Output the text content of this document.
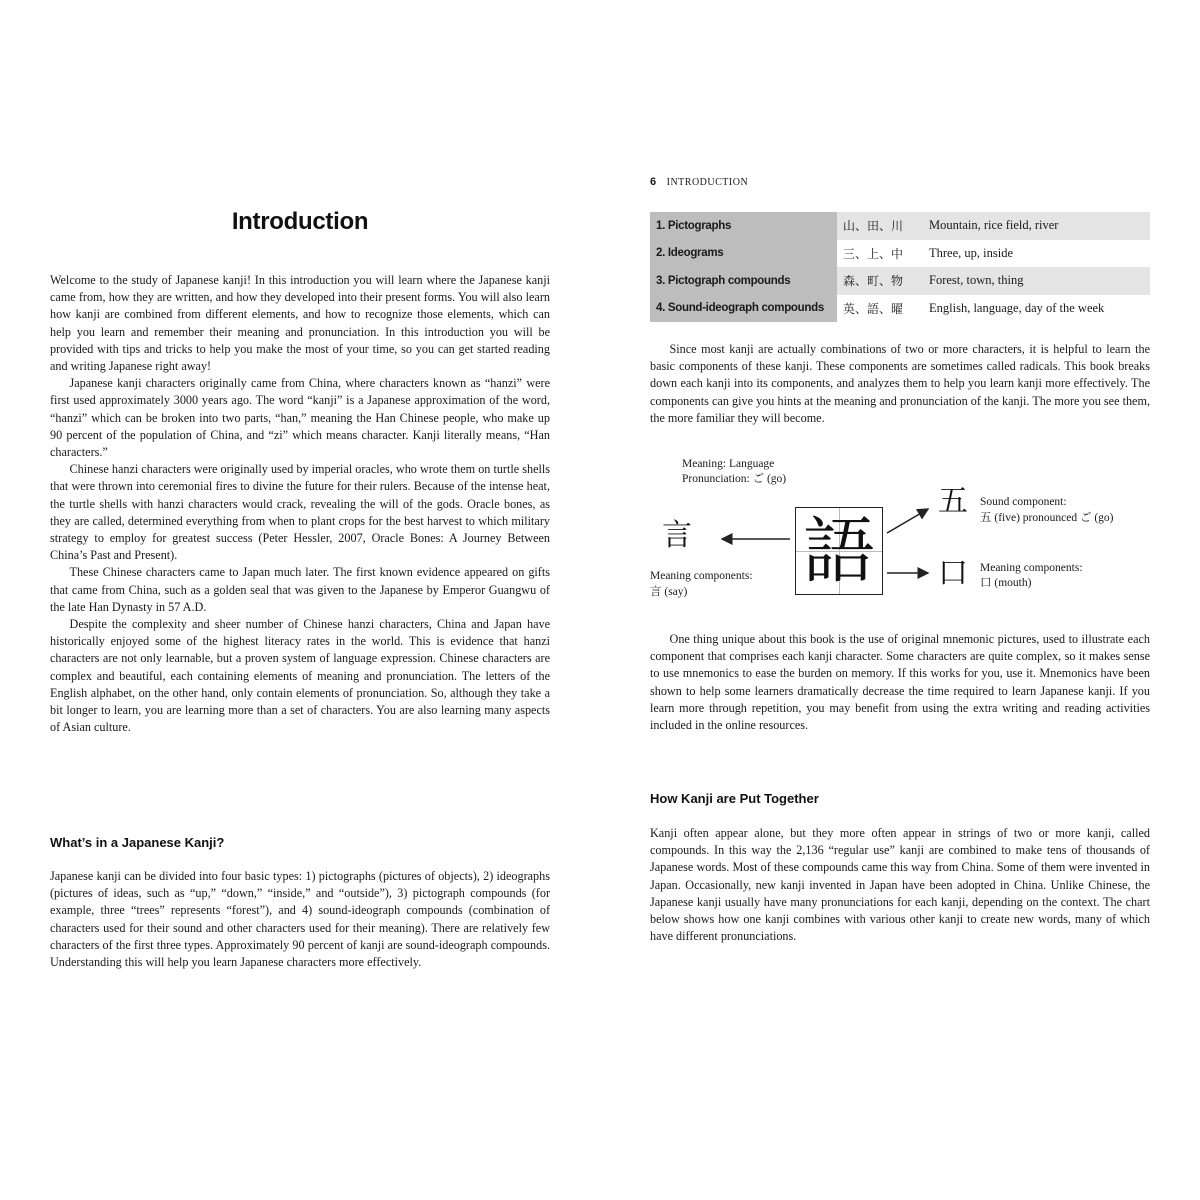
Introduction

Welcome to the study of Japanese kanji! In this introduction you will learn where the Japanese kanji came from, how they are written, and how they developed into their present forms. You will also learn how kanji are combined from different elements, and how to recognize those elements, which can help you learn and remember their meaning and pronunciation. In this introduction you will be provided with tips and tricks to help you make the most of your time, so you can get started reading and writing Japanese right away!

Japanese kanji characters originally came from China, where characters known as “hanzi” were first used approximately 3000 years ago. The word “kanji” is a Japanese approximation of the word, “hanzi” which can be broken into two parts, “han,” meaning the Han Chinese people, who make up 90 percent of the population of China, and “zi” which means character. Kanji literally means, “Han characters.”

Chinese hanzi characters were originally used by imperial oracles, who wrote them on turtle shells that were thrown into ceremonial fires to divine the future for their rulers. Because of the intense heat, the turtle shells with hanzi characters would crack, revealing the will of the gods. Oracle bones, as they are called, determined everything from when to plant crops for the best harvest to which military strategy to employ for greatest success (Peter Hessler, 2007, Oracle Bones: A Journey Between China’s Past and Present).

These Chinese characters came to Japan much later. The first known evidence appeared on gifts that came from China, such as a golden seal that was given to the Japanese by Emperor Guangwu of the late Han Dynasty in 57 A.D.

Despite the complexity and sheer number of Chinese hanzi characters, China and Japan have historically enjoyed some of the highest literacy rates in the world. This is evidence that hanzi characters are not only learnable, but a proven system of language expression. Chinese characters are complex and beautiful, each containing elements of meaning and pronunciation. The letters of the English alphabet, on the other hand, only contain elements of pronunciation. So, although they take a bit longer to learn, you are learning more than a set of characters. You are also learning many aspects of Asian culture.

What’s in a Japanese Kanji?

Japanese kanji can be divided into four basic types: 1) pictographs (pictures of objects), 2) ideographs (pictures of ideas, such as “up,” “down,” “inside,” and “outside”), 3) pictograph compounds (for example, three “trees” represents “forest”), and 4) sound-ideograph compounds (combination of characters used for their sound and other characters used for their meaning). There are relatively few characters of the first three types. Approximately 90 percent of kanji are sound-ideograph compounds. Understanding this will help you learn Japanese characters more effectively.

6 INTRODUCTION
1. Pictographs	山、田、川	Mountain, rice field, river
2. Ideograms	三、上、中	Three, up, inside
3. Pictograph compounds	森、町、物	Forest, town, thing
4. Sound-ideograph compounds	英、語、曜	English, language, day of the week

Since most kanji are actually combinations of two or more characters, it is helpful to learn the basic components of these kanji. These components are sometimes called radicals. This book breaks down each kanji into its components, and analyzes them to help you learn kanji more effectively. The components can give you hints at the meaning and pronunciation of the kanji. The more you see them, the more familiar they will become.

Meaning: Language
Pronunciation: ご (go)
言 語
五 Sound component:
五 (five) pronounced ご (go)
口 Meaning components:
口 (mouth)
Meaning components:
言 (say)

One thing unique about this book is the use of original mnemonic pictures, used to illustrate each component that comprises each kanji character. Some characters are quite complex, so it makes sense to use mnemonics to ease the burden on memory. If this works for you, use it. Mnemonics have been shown to help some learners dramatically decrease the time required to learn Japanese kanji. If you learn more through repetition, you may benefit from using the extra writing and reading activities included in the online resources.

How Kanji are Put Together

Kanji often appear alone, but they more often appear in strings of two or more kanji, called compounds. In this way the 2,136 “regular use” kanji are combined to make tens of thousands of Japanese words. Most of these compounds came this way from China. Some of them were invented in Japan. Occasionally, new kanji invented in Japan have been adopted in China. Unlike Chinese, the Japanese kanji usually have many pronunciations for each kanji, depending on the context. The chart below shows how one kanji combines with various other kanji to create new words, many of which have different pronunciations.
